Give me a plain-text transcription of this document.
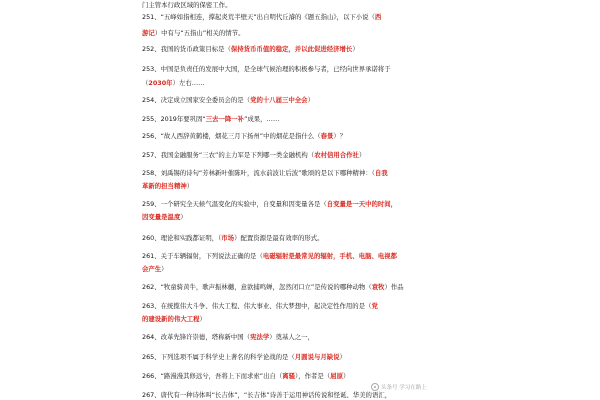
门主管本行政区域的保密工作。
251、“五峰如指相连，撑起炎荒半壁天”出自明代丘濬的《题五指山》，以下小说（西
游记）中有与“五指山”相关的情节。
252、我国的货币政策目标是（保持货币币值的稳定，并以此促进经济增长）
253、中国是负责任的发展中大国，是全球气候治理的积极参与者，已经向世界承诺将于
（2030年）左右……
254、决定成立国家安全委员会的是（党的十八届三中全会）
255、2019年要巩固“三去一降一补”成果，……
256、“故人西辞黄鹤楼，烟花三月下扬州”中的烟花是指什么（春景）？
257、我国金融服务“三农”的主力军是下列哪一类金融机构（农村信用合作社）
258、刘禹锡的诗句“芳林新叶催陈叶，流水前波让后波”歌颂的是以下哪种精神：（自我
革新的担当精神）
259、一个研究全天候气温变化的实验中，自变量和因变量各是（自变量是一天中的时间，
因变量是温度）
260、理论和实践都证明，（市场）配置资源是最有效率的形式。
261、关于车辆辐射，下列说法正确的是（电磁辐射是最常见的辐射，手机、电脑、电视都
会产生）
262、“牧童骑黄牛，歌声振林樾，意欲捕鸣蝉，忽然闭口立”是传说的哪种动物（袁牧）作品
263、在统揽伟大斗争、伟大工程、伟大事业、伟大梦想中，起决定性作用的是（党
的建设新的伟大工程）
264、改革先锋许崇德，塔称新中国（宪法学）奠基人之一，
265、下列选项不属于科学史上著名的科学论战的是（月圆说与月缺说）
266、“路漫漫其修远兮，吾将上下而求索”出自（离骚），作者是（屈原）
267、唐代有一种诗体叫“长吉体”，“长吉体”诗善于运用神话传说和怪诞、华美的语汇，
头条号 学习在路上
